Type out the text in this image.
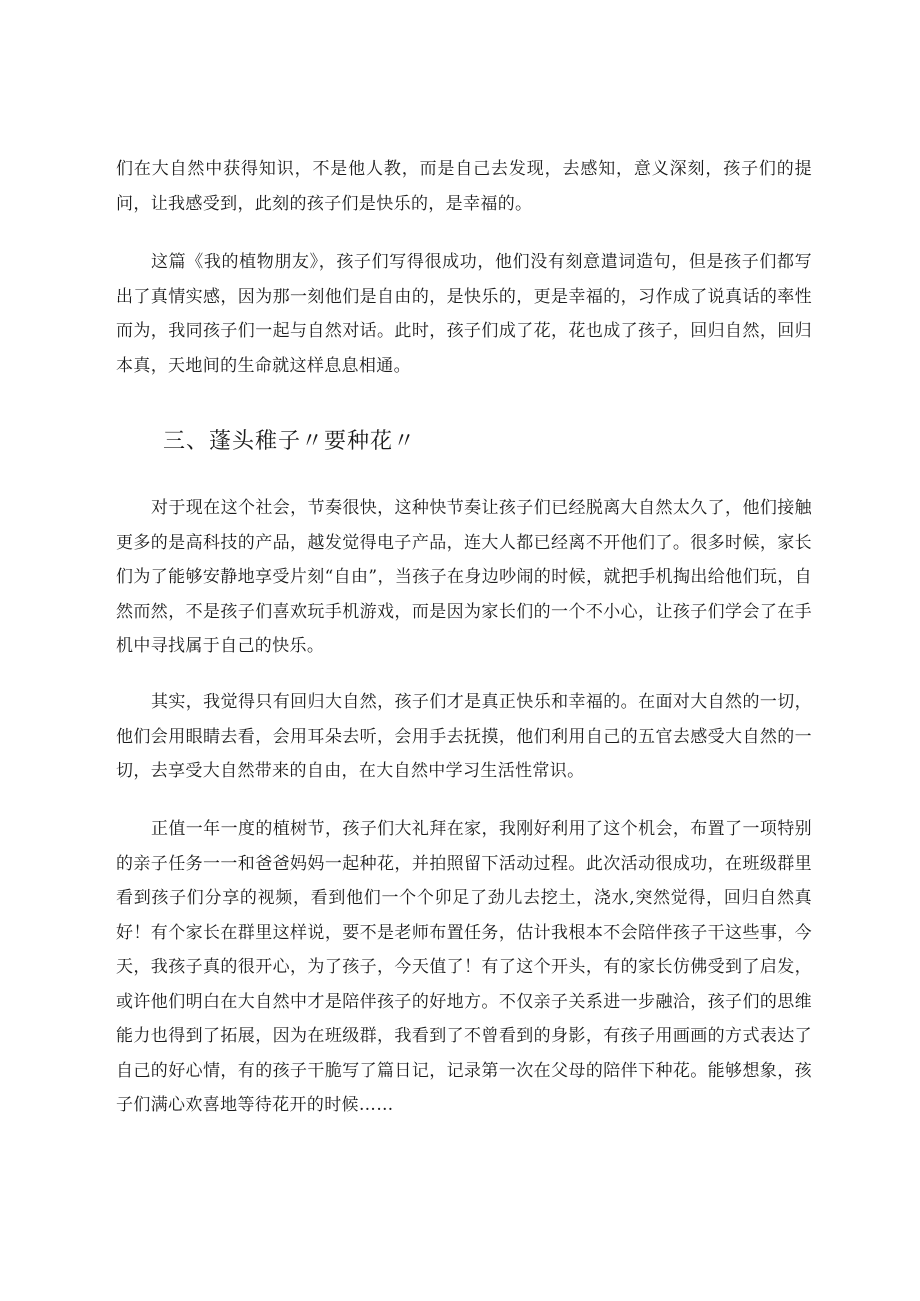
们在大自然中获得知识，不是他人教，而是自己去发现，去感知，意义深刻，孩子们的提问，让我感受到，此刻的孩子们是快乐的，是幸福的。

这篇《我的植物朋友》，孩子们写得很成功，他们没有刻意遣词造句，但是孩子们都写出了真情实感，因为那一刻他们是自由的，是快乐的，更是幸福的，习作成了说真话的率性而为，我同孩子们一起与自然对话。此时，孩子们成了花，花也成了孩子，回归自然，回归本真，天地间的生命就这样息息相通。

三、蓬头稚子〃要种花〃

对于现在这个社会，节奏很快，这种快节奏让孩子们已经脱离大自然太久了，他们接触更多的是高科技的产品，越发觉得电子产品，连大人都已经离不开他们了。很多时候，家长们为了能够安静地享受片刻“自由”，当孩子在身边吵闹的时候，就把手机掏出给他们玩，自然而然，不是孩子们喜欢玩手机游戏，而是因为家长们的一个不小心，让孩子们学会了在手机中寻找属于自己的快乐。

其实，我觉得只有回归大自然，孩子们才是真正快乐和幸福的。在面对大自然的一切，他们会用眼睛去看，会用耳朵去听，会用手去抚摸，他们利用自己的五官去感受大自然的一切，去享受大自然带来的自由，在大自然中学习生活性常识。

正值一年一度的植树节，孩子们大礼拜在家，我刚好利用了这个机会，布置了一项特别的亲子任务一一和爸爸妈妈一起种花，并拍照留下活动过程。此次活动很成功，在班级群里看到孩子们分享的视频，看到他们一个个卯足了劲儿去挖土，浇水,突然觉得，回归自然真好！有个家长在群里这样说，要不是老师布置任务，估计我根本不会陪伴孩子干这些事，今天，我孩子真的很开心，为了孩子，今天值了！有了这个开头，有的家长仿佛受到了启发，或许他们明白在大自然中才是陪伴孩子的好地方。不仅亲子关系进一步融洽，孩子们的思维能力也得到了拓展，因为在班级群，我看到了不曾看到的身影，有孩子用画画的方式表达了自己的好心情，有的孩子干脆写了篇日记，记录第一次在父母的陪伴下种花。能够想象，孩子们满心欢喜地等待花开的时候……
